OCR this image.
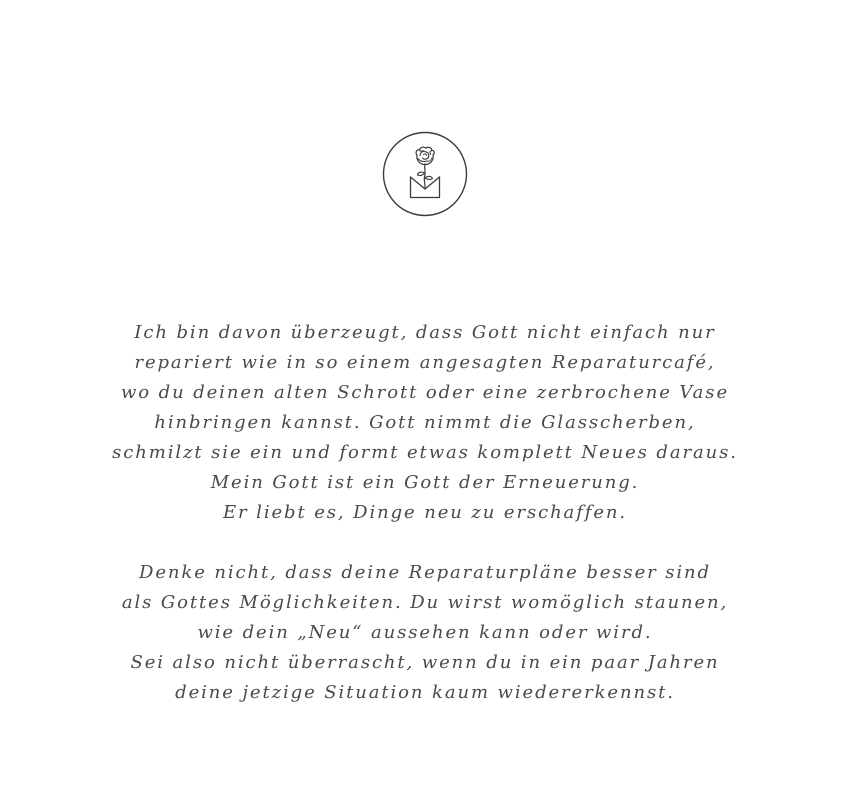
Ich bin davon überzeugt, dass Gott nicht einfach nur
repariert wie in so einem angesagten Reparaturcafé,
wo du deinen alten Schrott oder eine zerbrochene Vase
hinbringen kannst. Gott nimmt die Glasscherben,
schmilzt sie ein und formt etwas komplett Neues daraus.
Mein Gott ist ein Gott der Erneuerung.
Er liebt es, Dinge neu zu erschaffen.

Denke nicht, dass deine Reparaturpläne besser sind
als Gottes Möglichkeiten. Du wirst womöglich staunen,
wie dein „Neu“ aussehen kann oder wird.
Sei also nicht überrascht, wenn du in ein paar Jahren
deine jetzige Situation kaum wiedererkennst.
